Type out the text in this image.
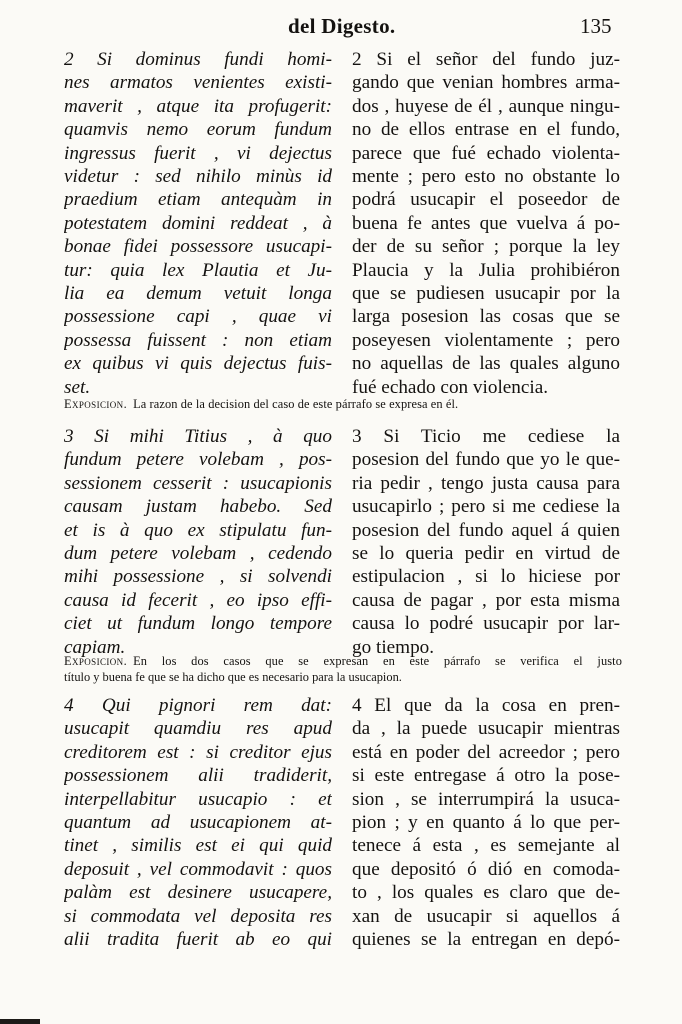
del Digesto.	135
2 Si dominus fundi homi-
nes armatos venientes existi-
maverit , atque ita profugerit:
quamvis nemo eorum fundum
ingressus fuerit , vi dejectus
videtur : sed nihilo minùs id
praedium etiam antequàm in
potestatem domini reddeat , à
bonae fidei possessore usucapi-
tur: quia lex Plautia et Ju-
lia ea demum vetuit longa
possessione capi , quae vi
possessa fuissent : non etiam
ex quibus vi quis dejectus fuis-
set.
2 Si el señor del fundo juz-
gando que venian hombres arma-
dos , huyese de él , aunque ningu-
no de ellos entrase en el fundo,
parece que fué echado violenta-
mente ; pero esto no obstante lo
podrá usucapir el poseedor de
buena fe antes que vuelva á po-
der de su señor ; porque la ley
Plaucia y la Julia prohibiéron
que se pudiesen usucapir por la
larga posesion las cosas que se
poseyesen violentamente ; pero
no aquellas de las quales alguno
fué echado con violencia.
Exposicion. La razon de la decision del caso de este párrafo se expresa en él.
3 Si mihi Titius , à quo
fundum petere volebam , pos-
sessionem cesserit : usucapionis
causam justam habebo. Sed
et is à quo ex stipulatu fun-
dum petere volebam , cedendo
mihi possessione , si solvendi
causa id fecerit , eo ipso effi-
ciet ut fundum longo tempore
capiam.
3 Si Ticio me cediese la
posesion del fundo que yo le que-
ria pedir , tengo justa causa para
usucapirlo ; pero si me cediese la
posesion del fundo aquel á quien
se lo queria pedir en virtud de
estipulacion , si lo hiciese por
causa de pagar , por esta misma
causa lo podré usucapir por lar-
go tiempo.
Exposicion. En los dos casos que se expresan en este párrafo se verifica el justo
título y buena fe que se ha dicho que es necesario para la usucapion.
4 Qui pignori rem dat:
usucapit quamdiu res apud
creditorem est : si creditor ejus
possessionem alii tradiderit,
interpellabitur usucapio : et
quantum ad usucapionem at-
tinet , similis est ei qui quid
deposuit , vel commodavit : quos
palàm est desinere usucapere,
si commodata vel deposita res
alii tradita fuerit ab eo qui
4 El que da la cosa en pren-
da , la puede usucapir mientras
está en poder del acreedor ; pero
si este entregase á otro la pose-
sion , se interrumpirá la usuca-
pion ; y en quanto á lo que per-
tenece á esta , es semejante al
que depositó ó dió en comoda-
to , los quales es claro que de-
xan de usucapir si aquellos á
quienes se la entregan en depó-
